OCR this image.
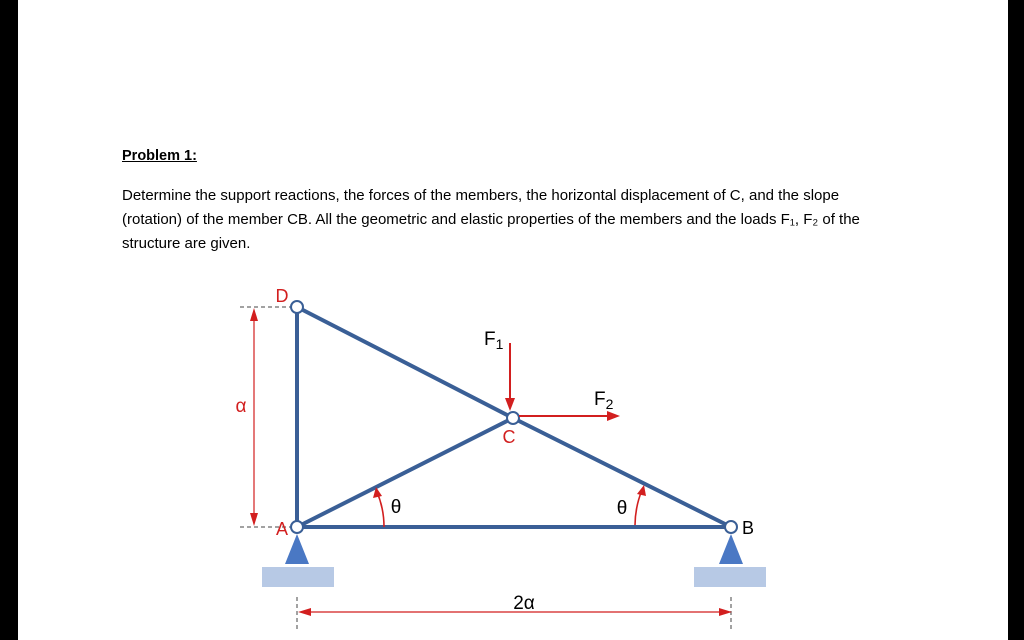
Problem 1:

Determine the support reactions, the forces of the members, the horizontal displacement of C, and the slope (rotation) of the member CB. All the geometric and elastic properties of the members and the loads F₁, F₂ of the structure are given.

α
2α
D
A
C
B
$F_1$
$F_2$
θ	θ
